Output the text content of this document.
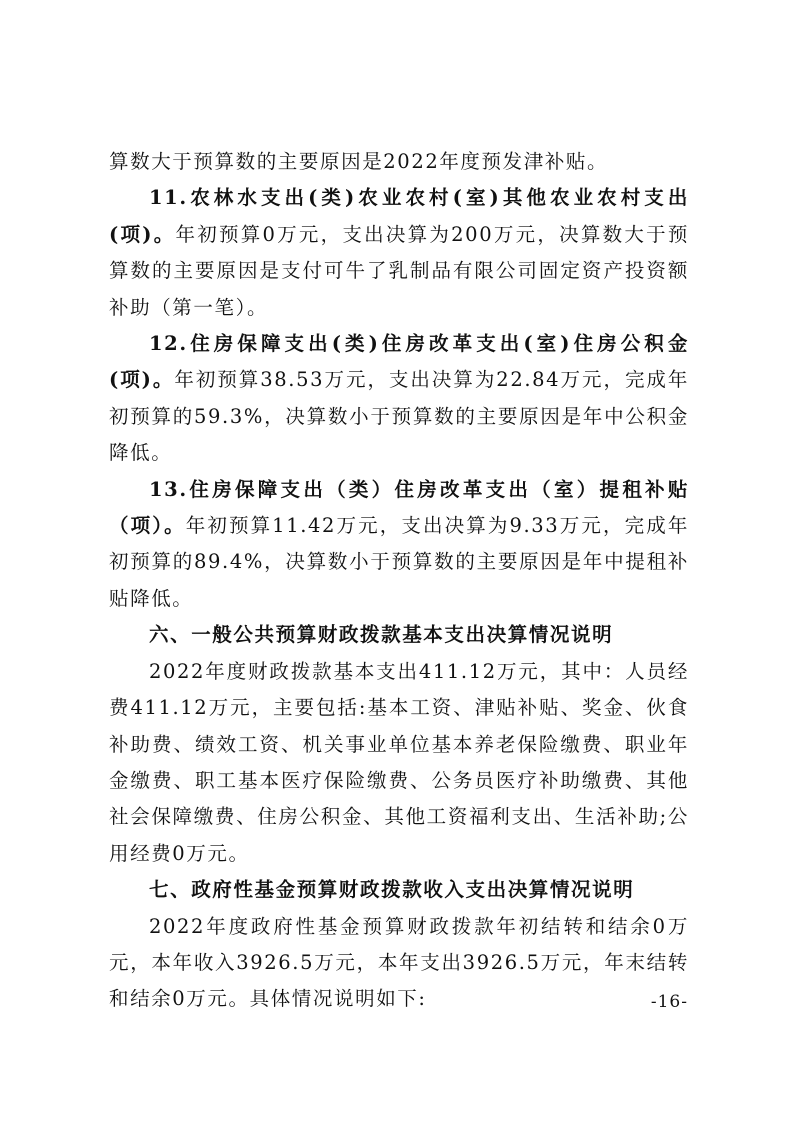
算数大于预算数的主要原因是2022年度预发津补贴。

11.农林水支出(类)农业农村(室)其他农业农村支出(项)。年初预算0万元，支出决算为200万元，决算数大于预算数的主要原因是支付可牛了乳制品有限公司固定资产投资额补助（第一笔）。

12.住房保障支出(类)住房改革支出(室)住房公积金(项)。年初预算38.53万元，支出决算为22.84万元，完成年初预算的59.3%，决算数小于预算数的主要原因是年中公积金降低。

13.住房保障支出（类）住房改革支出（室）提租补贴（项）。年初预算11.42万元，支出决算为9.33万元，完成年初预算的89.4%，决算数小于预算数的主要原因是年中提租补贴降低。

六、一般公共预算财政拨款基本支出决算情况说明

2022年度财政拨款基本支出411.12万元，其中：人员经费411.12万元，主要包括:基本工资、津贴补贴、奖金、伙食补助费、绩效工资、机关事业单位基本养老保险缴费、职业年金缴费、职工基本医疗保险缴费、公务员医疗补助缴费、其他社会保障缴费、住房公积金、其他工资福利支出、生活补助;公用经费0万元。

七、政府性基金预算财政拨款收入支出决算情况说明

2022年度政府性基金预算财政拨款年初结转和结余0万元，本年收入3926.5万元，本年支出3926.5万元，年末结转和结余0万元。具体情况说明如下:	-16-
